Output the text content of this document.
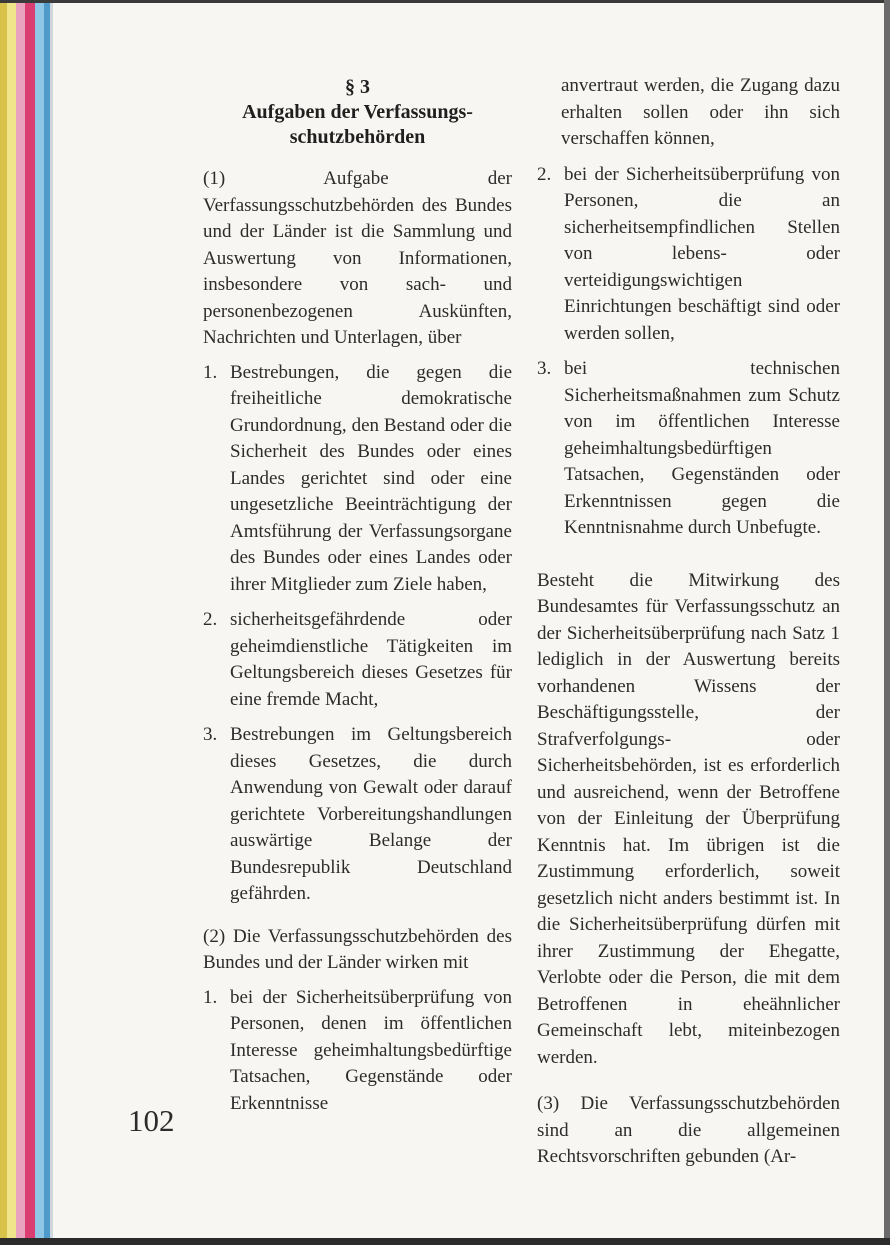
§ 3
Aufgaben der Verfassungs-
schutzbehörden

(1) Aufgabe der Verfassungsschutzbehörden des Bundes und der Länder ist die Sammlung und Auswertung von Informationen, insbesondere von sach- und personenbezogenen Auskünften, Nachrichten und Unterlagen, über

1. Bestrebungen, die gegen die freiheitliche demokratische Grundordnung, den Bestand oder die Sicherheit des Bundes oder eines Landes gerichtet sind oder eine ungesetzliche Beeinträchtigung der Amtsführung der Verfassungsorgane des Bundes oder eines Landes oder ihrer Mitglieder zum Ziele haben,
2. sicherheitsgefährdende oder geheimdienstliche Tätigkeiten im Geltungsbereich dieses Gesetzes für eine fremde Macht,
3. Bestrebungen im Geltungsbereich dieses Gesetzes, die durch Anwendung von Gewalt oder darauf gerichtete Vorbereitungshandlungen auswärtige Belange der Bundesrepublik Deutschland gefährden.

(2) Die Verfassungsschutzbehörden des Bundes und der Länder wirken mit

1. bei der Sicherheitsüberprüfung von Personen, denen im öffentlichen Interesse geheimhaltungsbedürftige Tatsachen, Gegenstände oder Erkenntnisse

anvertraut werden, die Zugang dazu erhalten sollen oder ihn sich verschaffen können,

2. bei der Sicherheitsüberprüfung von Personen, die an sicherheitsempfindlichen Stellen von lebens- oder verteidigungswichtigen Einrichtungen beschäftigt sind oder werden sollen,
3. bei technischen Sicherheitsmaßnahmen zum Schutz von im öffentlichen Interesse geheimhaltungsbedürftigen Tatsachen, Gegenständen oder Erkenntnissen gegen die Kenntnisnahme durch Unbefugte.

Besteht die Mitwirkung des Bundesamtes für Verfassungsschutz an der Sicherheitsüberprüfung nach Satz 1 lediglich in der Auswertung bereits vorhandenen Wissens der Beschäftigungsstelle, der Strafverfolgungs- oder Sicherheitsbehörden, ist es erforderlich und ausreichend, wenn der Betroffene von der Einleitung der Überprüfung Kenntnis hat. Im übrigen ist die Zustimmung erforderlich, soweit gesetzlich nicht anders bestimmt ist. In die Sicherheitsüberprüfung dürfen mit ihrer Zustimmung der Ehegatte, Verlobte oder die Person, die mit dem Betroffenen in eheähnlicher Gemeinschaft lebt, miteinbezogen werden.

(3) Die Verfassungsschutzbehörden sind an die allgemeinen Rechtsvorschriften gebunden (Ar-

102
